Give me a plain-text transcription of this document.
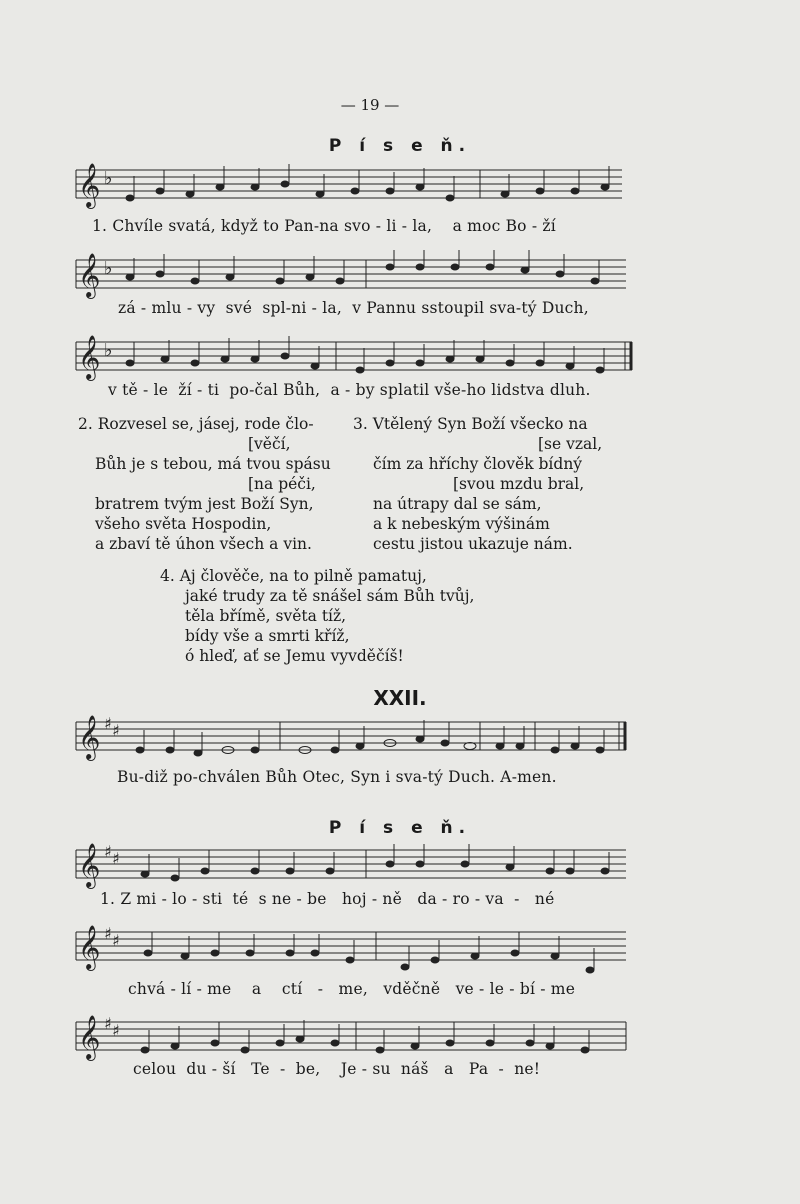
— 19 —
P í s e ň.
𝄞 ♭
1. Chvíle svatá, když to Pan-na svo - li - la,    a moc Bo - ží
𝄞 ♭
zá - mlu - vy  své  spl-ni - la,  v Pannu sstoupil sva-tý Duch,
𝄞 ♭
v tě - le  ží - ti  po-čal Bůh,  a - by splatil vše-ho lidstva dluh.
2. Rozvesel se, jásej, rode člo-
[věčí,
Bůh je s tebou, má tvou spásu
[na péči,
bratrem tvým jest Boží Syn,
všeho světa Hospodin,
a zbaví tě úhon všech a vin.
3. Vtělený Syn Boží všecko na
[se vzal,
čím za hříchy člověk bídný
[svou mzdu bral,
na útrapy dal se sám,
a k nebeským výšinám
cestu jistou ukazuje nám.
4. Aj člověče, na to pilně pamatuj,
jaké trudy za tě snášel sám Bůh tvůj,
těla břímě, světa tíž,
bídy vše a smrti kříž,
ó hleď, ať se Jemu vyvděčíš!
XXII.
𝄞 ♯ ♯
Bu-diž po-chválen Bůh Otec, Syn i sva-tý Duch. A-men.
P í s e ň.
𝄞 ♯ ♯
1. Z mi - lo - sti  té  s ne - be   hoj - ně   da - ro - va  -   né
𝄞 ♯ ♯
chvá - lí - me    a    ctí   -   me,   vděčně   ve - le - bí - me
𝄞 ♯ ♯
celou  du - ší   Te  -  be,    Je - su  náš   a   Pa  -  ne!
